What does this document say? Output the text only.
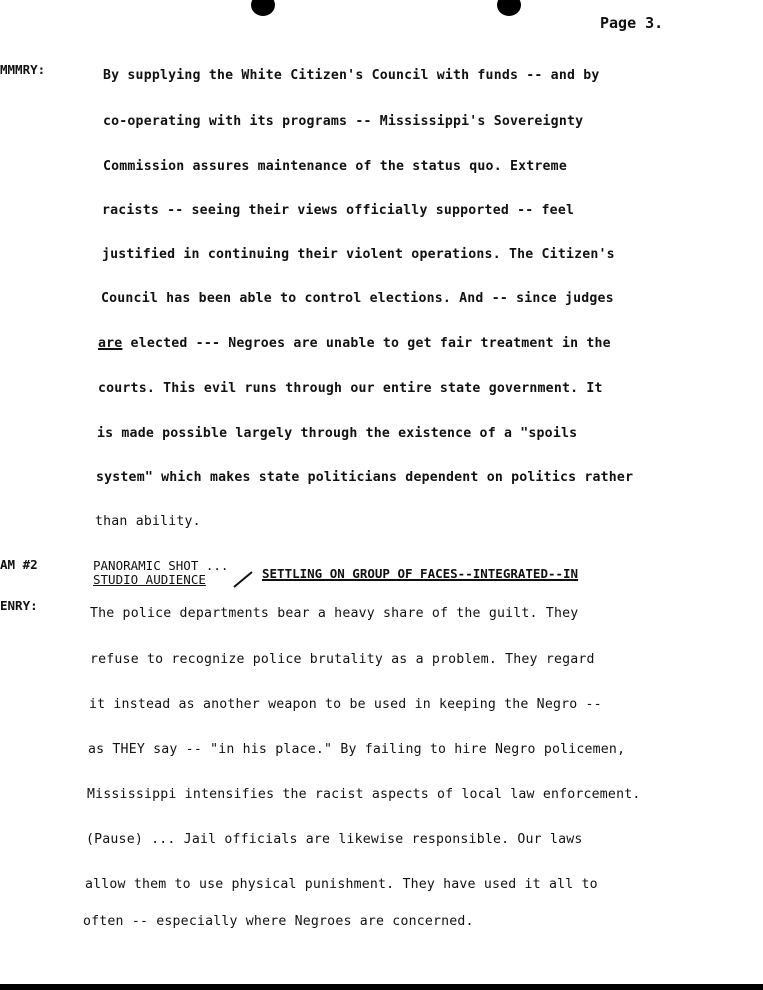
Page 3.
MMMRY:	By supplying the White Citizen's Council with funds -- and by
co-operating with its programs -- Mississippi's Sovereignty
Commission assures maintenance of the status quo. Extreme
racists -- seeing their views officially supported -- feel
justified in continuing their violent operations. The Citizen's
Council has been able to control elections. And -- since judges
are elected --- Negroes are unable to get fair treatment in the
courts. This evil runs through our entire state government. It
is made possible largely through the existence of a "spoils
system" which makes state politicians dependent on politics rather
than ability.
AM #2	PANORAMIC SHOT ...
STUDIO AUDIENCE	SETTLING ON GROUP OF FACES--INTEGRATED--IN
ENRY:
The police departments bear a heavy share of the guilt. They
refuse to recognize police brutality as a problem. They regard
it instead as another weapon to be used in keeping the Negro --
as THEY say -- "in his place." By failing to hire Negro policemen,
Mississippi intensifies the racist aspects of local law enforcement.
(Pause) ... Jail officials are likewise responsible. Our laws
allow them to use physical punishment. They have used it all to
often -- especially where Negroes are concerned.
